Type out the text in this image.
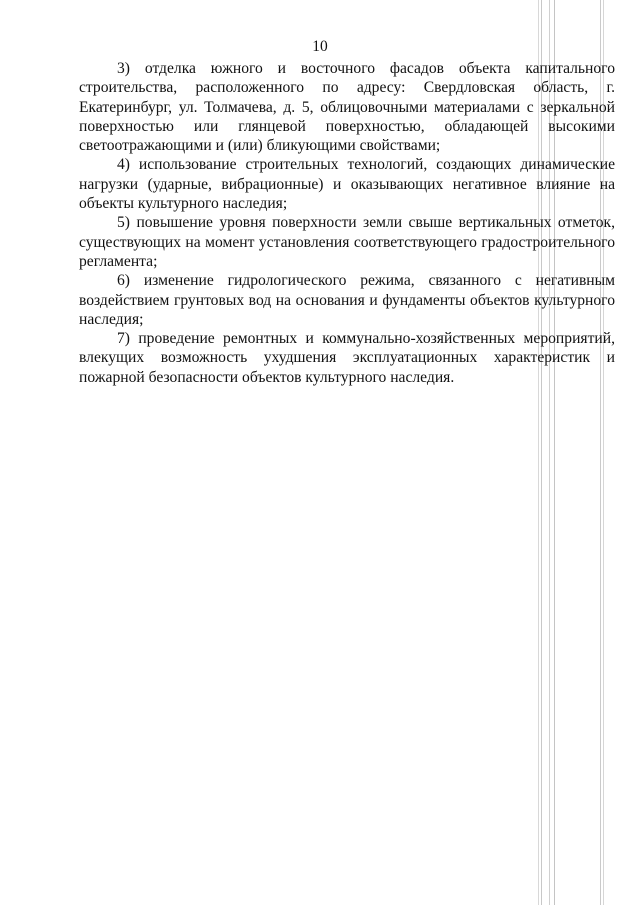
10

3) отделка южного и восточного фасадов объекта капитального строительства, расположенного по адресу: Свердловская область, г. Екатеринбург, ул. Толмачева, д. 5, облицовочными материалами с зеркальной поверхностью или глянцевой поверхностью, обладающей высокими светоотражающими и (или) бликующими свойствами;

4) использование строительных технологий, создающих динамические нагрузки (ударные, вибрационные) и оказывающих негативное влияние на объекты культурного наследия;

5) повышение уровня поверхности земли свыше вертикальных отметок, существующих на момент установления соответствующего градостроительного регламента;

6) изменение гидрологического режима, связанного с негативным воздействием грунтовых вод на основания и фундаменты объектов культурного наследия;

7) проведение ремонтных и коммунально-хозяйственных мероприятий, влекущих возможность ухудшения эксплуатационных характеристик и пожарной безопасности объектов культурного наследия.
